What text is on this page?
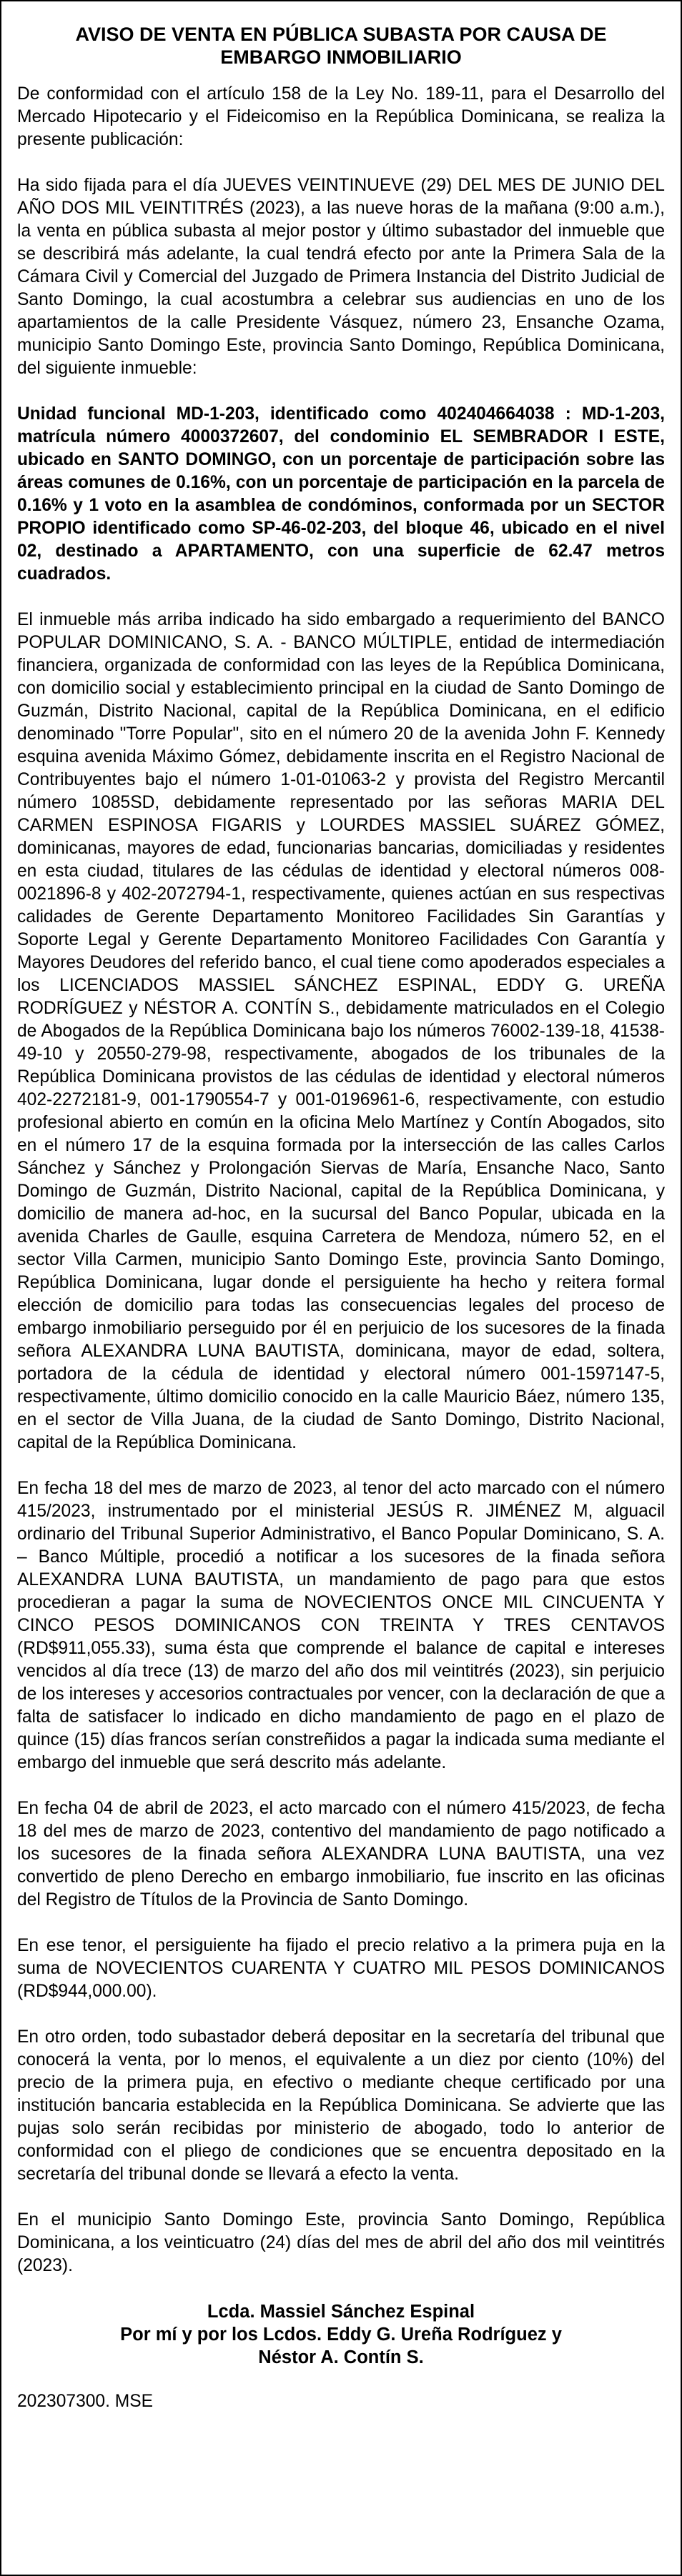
AVISO DE VENTA EN PÚBLICA SUBASTA POR CAUSA DE EMBARGO INMOBILIARIO
De conformidad con el artículo 158 de la Ley No. 189-11, para el Desarrollo del Mercado Hipotecario y el Fideicomiso en la República Dominicana, se realiza la presente publicación:
Ha sido fijada para el día JUEVES VEINTINUEVE (29) DEL MES DE JUNIO DEL AÑO DOS MIL VEINTITRÉS (2023), a las nueve horas de la mañana (9:00 a.m.), la venta en pública subasta al mejor postor y último subastador del inmueble que se describirá más adelante, la cual tendrá efecto por ante la Primera Sala de la Cámara Civil y Comercial del Juzgado de Primera Instancia del Distrito Judicial de Santo Domingo, la cual acostumbra a celebrar sus audiencias en uno de los apartamientos de la calle Presidente Vásquez, número 23, Ensanche Ozama, municipio Santo Domingo Este, provincia Santo Domingo, República Dominicana, del siguiente inmueble:
Unidad funcional MD-1-203, identificado como 402404664038 : MD-1-203, matrícula número 4000372607, del condominio EL SEMBRADOR I ESTE, ubicado en SANTO DOMINGO, con un porcentaje de participación sobre las áreas comunes de 0.16%, con un porcentaje de participación en la parcela de 0.16% y 1 voto en la asamblea de condóminos, conformada por un SECTOR PROPIO identificado como SP-46-02-203, del bloque 46, ubicado en el nivel 02, destinado a APARTAMENTO, con una superficie de 62.47 metros cuadrados.
El inmueble más arriba indicado ha sido embargado a requerimiento del BANCO POPULAR DOMINICANO, S. A. - BANCO MÚLTIPLE, entidad de intermediación financiera, organizada de conformidad con las leyes de la República Dominicana, con domicilio social y establecimiento principal en la ciudad de Santo Domingo de Guzmán, Distrito Nacional, capital de la República Dominicana, en el edificio denominado "Torre Popular", sito en el número 20 de la avenida John F. Kennedy esquina avenida Máximo Gómez, debidamente inscrita en el Registro Nacional de Contribuyentes bajo el número 1-01-01063-2 y provista del Registro Mercantil número 1085SD, debidamente representado por las señoras MARIA DEL CARMEN ESPINOSA FIGARIS y LOURDES MASSIEL SUÁREZ GÓMEZ, dominicanas, mayores de edad, funcionarias bancarias, domiciliadas y residentes en esta ciudad, titulares de las cédulas de identidad y electoral números 008-0021896-8 y 402-2072794-1, respectivamente, quienes actúan en sus respectivas calidades de Gerente Departamento Monitoreo Facilidades Sin Garantías y Soporte Legal y Gerente Departamento Monitoreo Facilidades Con Garantía y Mayores Deudores del referido banco, el cual tiene como apoderados especiales a los LICENCIADOS MASSIEL SÁNCHEZ ESPINAL, EDDY G. UREÑA RODRÍGUEZ y NÉSTOR A. CONTÍN S., debidamente matriculados en el Colegio de Abogados de la República Dominicana bajo los números 76002-139-18, 41538-49-10 y 20550-279-98, respectivamente, abogados de los tribunales de la República Dominicana provistos de las cédulas de identidad y electoral números 402-2272181-9, 001-1790554-7 y 001-0196961-6, respectivamente, con estudio profesional abierto en común en la oficina Melo Martínez y Contín Abogados, sito en el número 17 de la esquina formada por la intersección de las calles Carlos Sánchez y Sánchez y Prolongación Siervas de María, Ensanche Naco, Santo Domingo de Guzmán, Distrito Nacional, capital de la República Dominicana, y domicilio de manera ad-hoc, en la sucursal del Banco Popular, ubicada en la avenida Charles de Gaulle, esquina Carretera de Mendoza, número 52, en el sector Villa Carmen, municipio Santo Domingo Este, provincia Santo Domingo, República Dominicana, lugar donde el persiguiente ha hecho y reitera formal elección de domicilio para todas las consecuencias legales del proceso de embargo inmobiliario perseguido por él en perjuicio de los sucesores de la finada señora ALEXANDRA LUNA BAUTISTA, dominicana, mayor de edad, soltera, portadora de la cédula de identidad y electoral número 001-1597147-5, respectivamente, último domicilio conocido en la calle Mauricio Báez, número 135, en el sector de Villa Juana, de la ciudad de Santo Domingo, Distrito Nacional, capital de la República Dominicana.
En fecha 18 del mes de marzo de 2023, al tenor del acto marcado con el número 415/2023, instrumentado por el ministerial JESÚS R. JIMÉNEZ M, alguacil ordinario del Tribunal Superior Administrativo, el Banco Popular Dominicano, S. A. – Banco Múltiple, procedió a notificar a los sucesores de la finada señora ALEXANDRA LUNA BAUTISTA, un mandamiento de pago para que estos procedieran a pagar la suma de NOVECIENTOS ONCE MIL CINCUENTA Y CINCO PESOS DOMINICANOS CON TREINTA Y TRES CENTAVOS (RD$911,055.33), suma ésta que comprende el balance de capital e intereses vencidos al día trece (13) de marzo del año dos mil veintitrés (2023), sin perjuicio de los intereses y accesorios contractuales por vencer, con la declaración de que a falta de satisfacer lo indicado en dicho mandamiento de pago en el plazo de quince (15) días francos serían constreñidos a pagar la indicada suma mediante el embargo del inmueble que será descrito más adelante.
En fecha 04 de abril de 2023, el acto marcado con el número 415/2023, de fecha 18 del mes de marzo de 2023, contentivo del mandamiento de pago notificado a los sucesores de la finada señora ALEXANDRA LUNA BAUTISTA, una vez convertido de pleno Derecho en embargo inmobiliario, fue inscrito en las oficinas del Registro de Títulos de la Provincia de Santo Domingo.
En ese tenor, el persiguiente ha fijado el precio relativo a la primera puja en la suma de NOVECIENTOS CUARENTA Y CUATRO MIL PESOS DOMINICANOS (RD$944,000.00).
En otro orden, todo subastador deberá depositar en la secretaría del tribunal que conocerá la venta, por lo menos, el equivalente a un diez por ciento (10%) del precio de la primera puja, en efectivo o mediante cheque certificado por una institución bancaria establecida en la República Dominicana. Se advierte que las pujas solo serán recibidas por ministerio de abogado, todo lo anterior de conformidad con el pliego de condiciones que se encuentra depositado en la secretaría del tribunal donde se llevará a efecto la venta.
En el municipio Santo Domingo Este, provincia Santo Domingo, República Dominicana, a los veinticuatro (24) días del mes de abril del año dos mil veintitrés (2023).
Lcda. Massiel Sánchez Espinal
Por mí y por los Lcdos. Eddy G. Ureña Rodríguez y
Néstor A. Contín S.
202307300. MSE
